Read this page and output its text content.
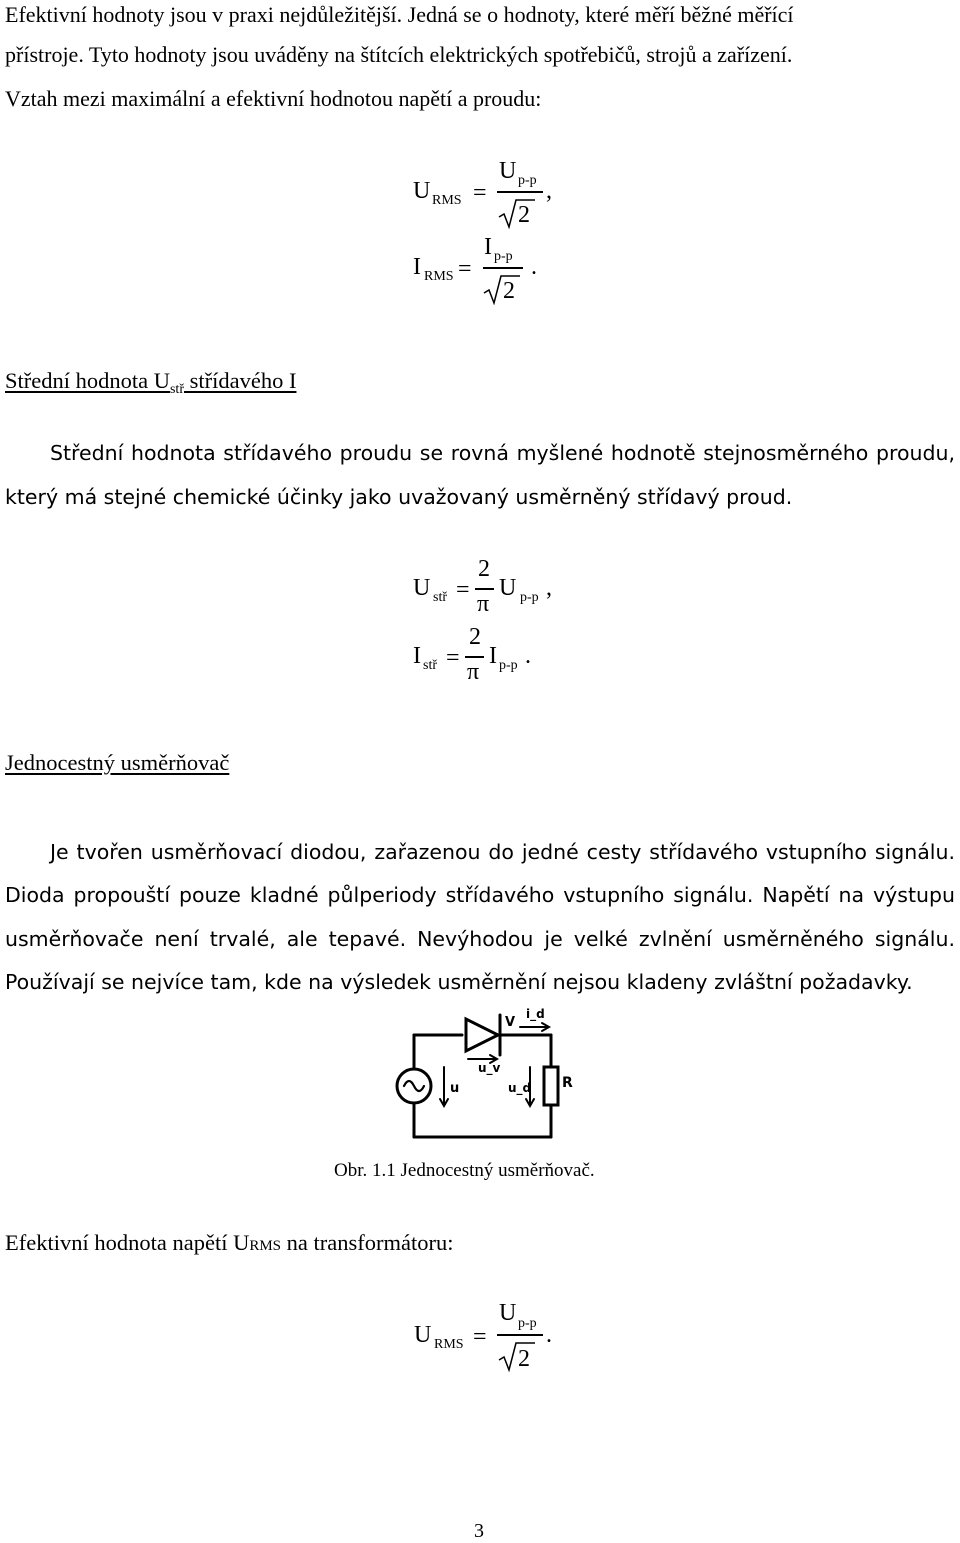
Efektivní hodnoty jsou v praxi nejdůležitější. Jedná se o hodnoty, které měří běžné měřící
přístroje. Tyto hodnoty jsou uváděny na štítcích elektrických spotřebičů, strojů a zařízení.
Vztah mezi maximální a efektivní hodnotou napětí a proudu:
U RMS =
U p-p
2
,
I RMS =
I p-p
2
.
Střední hodnota $U_{stř}$ střídavého I
Střední hodnota střídavého proudu se rovná myšlené hodnotě stejnosměrného proudu,
který má stejné chemické účinky jako uvažovaný usměrněný střídavý proud.
U stř =
2
π
U p-p ,
I stř =
2
π
I p-p .
Jednocestný usměrňovač
Je tvořen usměrňovací diodou, zařazenou do jedné cesty střídavého vstupního signálu.
Dioda propouští pouze kladné půlperiody střídavého vstupního signálu. Napětí na výstupu
usměrňovače není trvalé, ale tepavé. Nevýhodou je velké zvlnění usměrněného signálu.
Používají se nejvíce tam, kde na výsledek usměrnění nejsou kladeny zvláštní požadavky.
V
i_d
u
u_v
u_d R
Obr. 1.1 Jednocestný usměrňovač.
Efektivní hodnota napětí URMS na transformátoru:
U RMS =
U p-p
2
.
3
